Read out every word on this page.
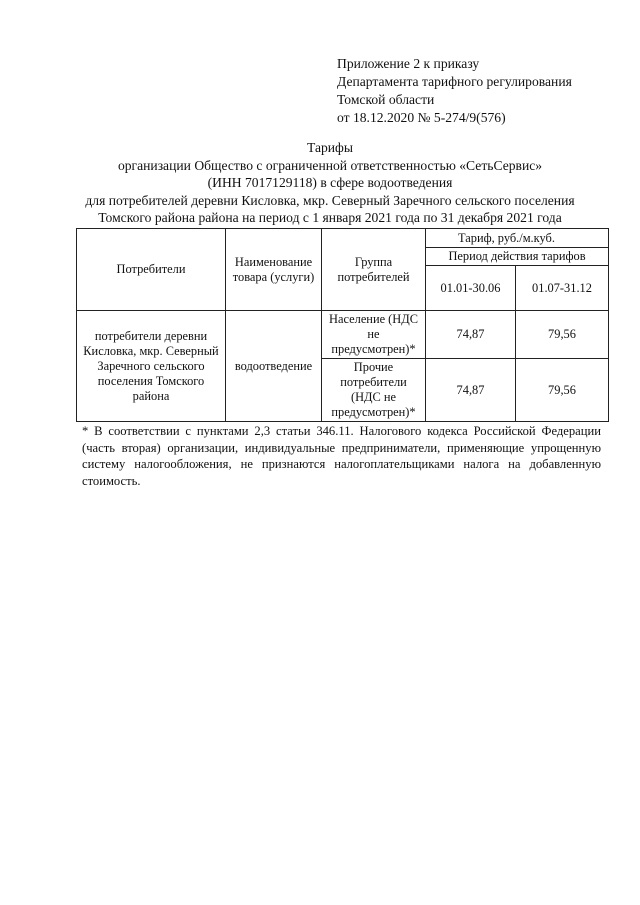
Приложение 2 к приказу
Департамента тарифного регулирования
Томской области
от 18.12.2020 № 5-274/9(576)
Тарифы
организации Общество с ограниченной ответственностью «СетьСервис»
(ИНН 7017129118) в сфере водоотведения
для потребителей деревни Кисловка, мкр. Северный Заречного сельского поселения
Томского района района на период с 1 января 2021 года по 31 декабря 2021 года
Потребители	Наименование товара (услуги)	Группа потребителей	Тариф, руб./м.куб.	
			Период действия тарифов	
			01.01-30.06	01.07-31.12
потребители деревни Кисловка, мкр. Северный Заречного сельского поселения Томского района	водоотведение	Население (НДС не предусмотрен)*	74,87	79,56
		Прочие потребители (НДС не предусмотрен)*	74,87	79,56
* В соответствии с пунктами 2,3 статьи 346.11. Налогового кодекса Российской Федерации (часть вторая) организации, индивидуальные предприниматели, применяющие упрощенную систему налогообложения, не признаются налогоплательщиками налога на добавленную стоимость.
